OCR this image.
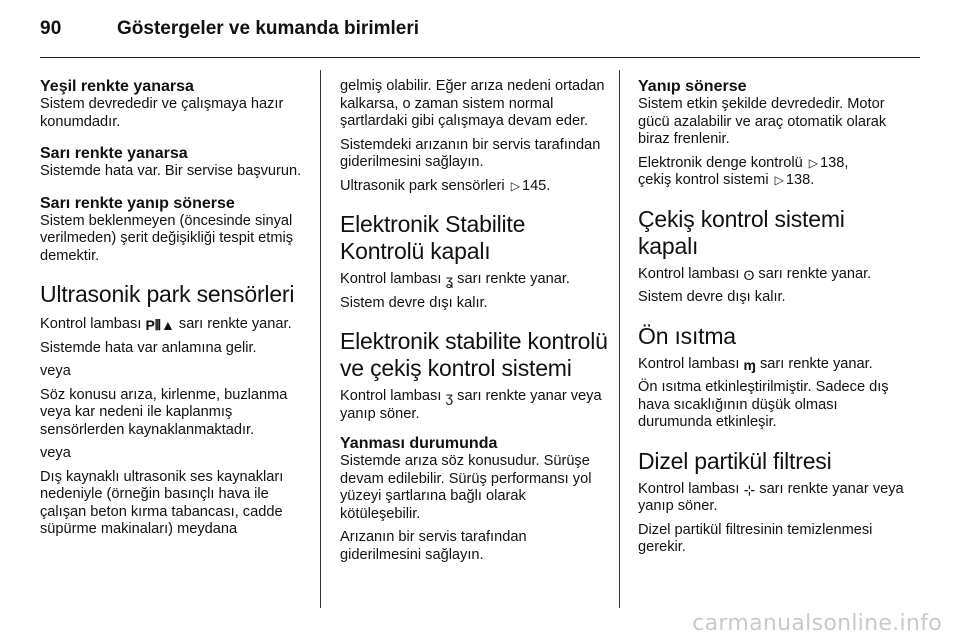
90	Göstergeler ve kumanda birimleri
Yeşil renkte yanarsa

Sistem devrededir ve çalışmaya hazır konumdadır.

Sarı renkte yanarsa

Sistemde hata var. Bir servise başvurun.

Sarı renkte yanıp sönerse

Sistem beklenmeyen (öncesinde sinyal verilmeden) şerit değişikliği tespit etmiş demektir.

Ultrasonik park sensörleri

Kontrol lambası P⦀▲ sarı renkte yanar.

Sistemde hata var anlamına gelir.

veya

Söz konusu arıza, kirlenme, buzlanma veya kar nedeni ile kaplanmış sensörlerden kaynaklanmaktadır.

veya

Dış kaynaklı ultrasonik ses kaynakları nedeniyle (örneğin basınçlı hava ile çalışan beton kırma tabancası, cadde süpürme makinaları) meydana

gelmiş olabilir. Eğer arıza nedeni ortadan kalkarsa, o zaman sistem normal şartlardaki gibi çalışmaya devam eder.

Sistemdeki arızanın bir servis tarafından giderilmesini sağlayın.

Ultrasonik park sensörleri ▷ 145.

Elektronik Stabilite Kontrolü kapalı

Kontrol lambası ʓ sarı renkte yanar.

Sistem devre dışı kalır.

Elektronik stabilite kontrolü ve çekiş kontrol sistemi

Kontrol lambası ʒ sarı renkte yanar veya yanıp söner.

Yanması durumunda

Sistemde arıza söz konusudur. Sürüşe devam edilebilir. Sürüş performansı yol yüzeyi şartlarına bağlı olarak kötüleşebilir.

Arızanın bir servis tarafından giderilmesini sağlayın.

Yanıp sönerse

Sistem etkin şekilde devrededir. Motor gücü azalabilir ve araç otomatik olarak biraz frenlenir.

Elektronik denge kontrolü ▷ 138,
çekiş kontrol sistemi ▷ 138.

Çekiş kontrol sistemi kapalı

Kontrol lambası ʘ sarı renkte yanar.

Sistem devre dışı kalır.

Ön ısıtma

Kontrol lambası ɱ sarı renkte yanar.

Ön ısıtma etkinleştirilmiştir. Sadece dış hava sıcaklığının düşük olması durumunda etkinleşir.

Dizel partikül filtresi

Kontrol lambası ⊹ sarı renkte yanar veya yanıp söner.

Dizel partikül filtresinin temizlenmesi gerekir.

carmanualsonline.info
